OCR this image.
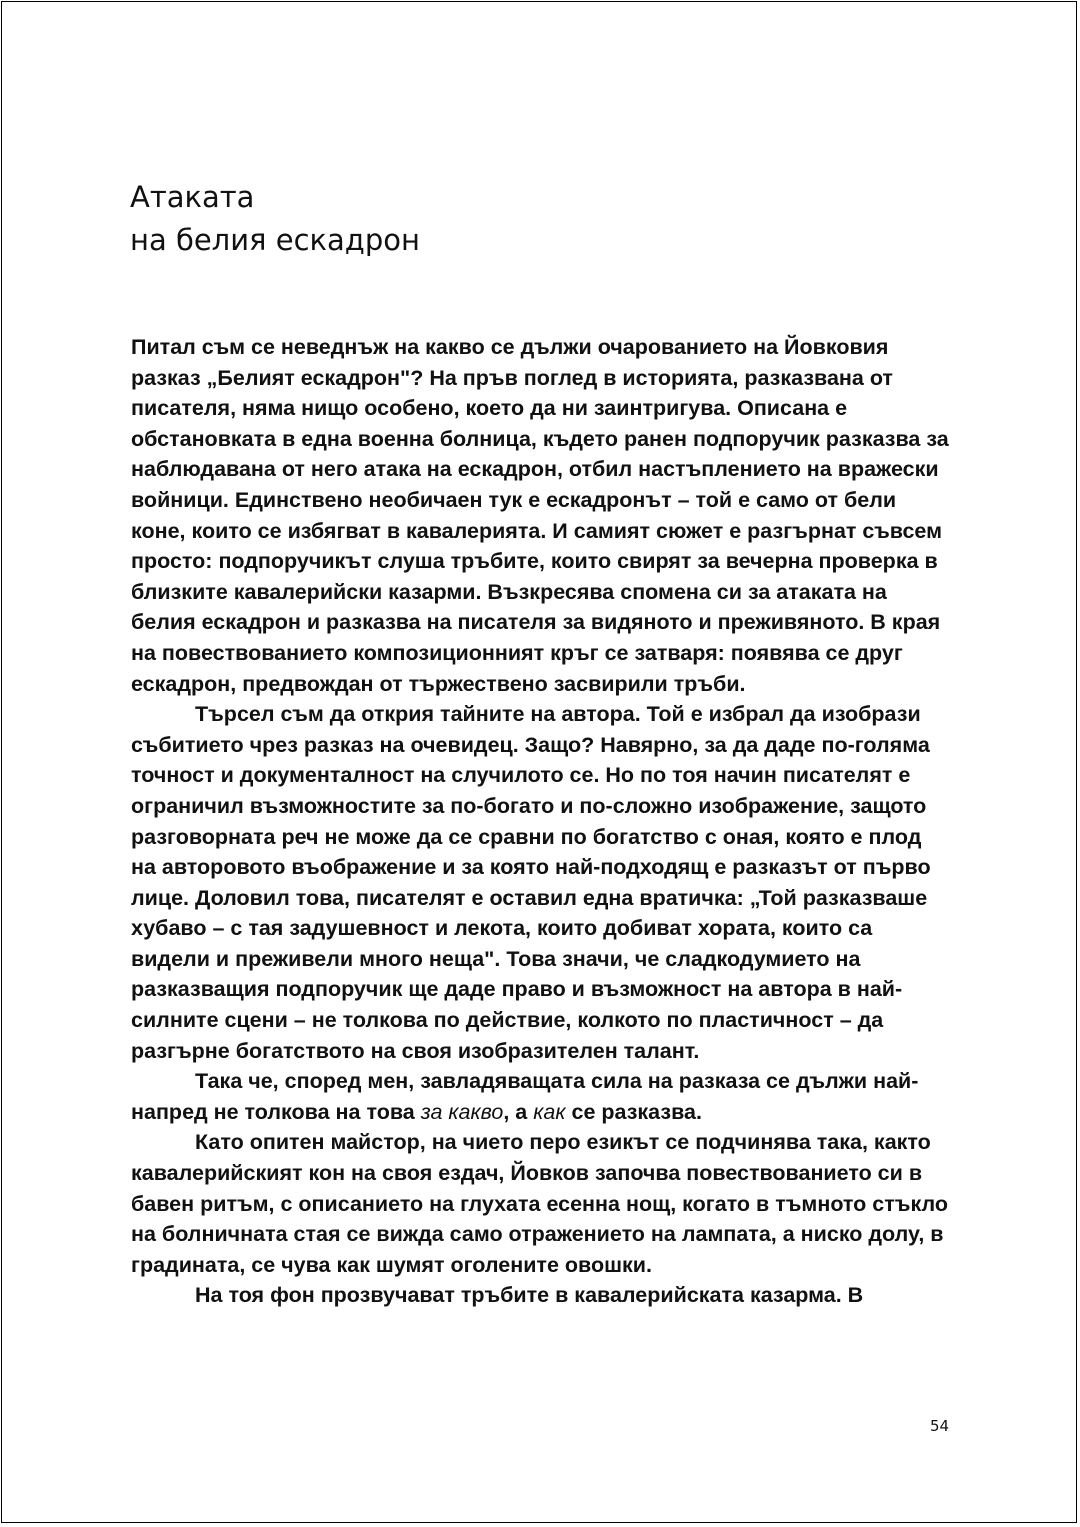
Атаката
на белия ескадрон

Питал съм се неведнъж на какво се дължи очарованието на Йовковия разказ „Белият ескадрон"? На пръв поглед в историята, разказвана от писателя, няма нищо особено, което да ни заинтригува. Описана е обстановката в една военна болница, където ранен подпоручик разказва за наблюдавана от него атака на ескадрон, отбил настъплението на вражески войници. Единствено необичаен тук е ескадронът – той е само от бели коне, които се избягват в кавалерията. И самият сюжет е разгърнат съвсем просто: подпоручикът слуша тръбите, които свирят за вечерна проверка в близките кавалерийски казарми. Възкресява спомена си за атаката на белия ескадрон и разказва на писателя за видяното и преживяното. В края на повествованието композиционният кръг се затваря: появява се друг ескадрон, предвождан от тържествено засвирили тръби.

Търсел съм да открия тайните на автора. Той е избрал да изобрази събитието чрез разказ на очевидец. Защо? Навярно, за да даде по-голяма точност и документалност на случилото се. Но по тоя начин писателят е ограничил възможностите за по-богато и по-сложно изображение, защото разговорната реч не може да се сравни по богатство с оная, която е плод на авторовото въображение и за която най-подходящ е разказът от първо лице. Доловил това, писателят е оставил една вратичка: „Той разказваше хубаво – с тая задушевност и лекота, които добиват хората, които са видели и преживели много неща". Това значи, че сладкодумието на разказващия подпоручик ще даде право и възможност на автора в най-силните сцени – не толкова по действие, колкото по пластичност – да разгърне богатството на своя изобразителен талант.

Така че, според мен, завладяващата сила на разказа се дължи най-напред не толкова на това за какво, а как се разказва.

Като опитен майстор, на чието перо езикът се подчинява така, както кавалерийският кон на своя ездач, Йовков започва повествованието си в бавен ритъм, с описанието на глухата есенна нощ, когато в тъмното стъкло на болничната стая се вижда само отражението на лампата, а ниско долу, в градината, се чува как шумят оголените овошки.

На тоя фон прозвучават тръбите в кавалерийската казарма. В

54
